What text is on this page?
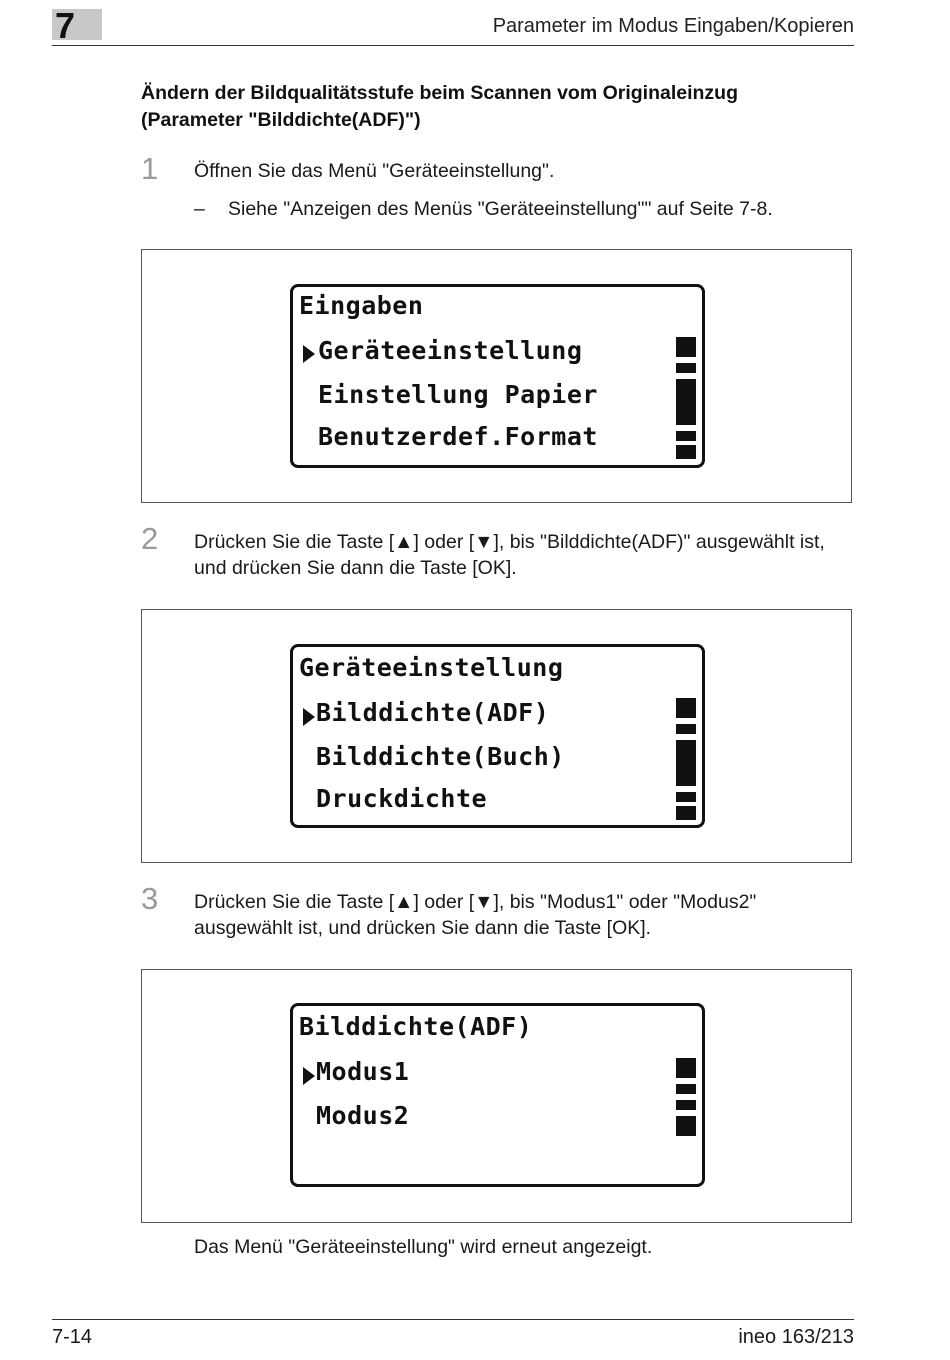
7	Parameter im Modus Eingaben/Kopieren
Ändern der Bildqualitätsstufe beim Scannen vom Originaleinzug (Parameter "Bilddichte(ADF)")
1 Öffnen Sie das Menü "Geräteeinstellung".
– Siehe "Anzeigen des Menüs "Geräteeinstellung"" auf Seite 7-8.
Eingaben
Geräteeinstellung
Einstellung Papier
Benutzerdef.Format
2 Drücken Sie die Taste [▲] oder [▼], bis "Bilddichte(ADF)" ausgewählt ist, und drücken Sie dann die Taste [OK].
Geräteeinstellung
Bilddichte(ADF)
Bilddichte(Buch)
Druckdichte
3 Drücken Sie die Taste [▲] oder [▼], bis "Modus1" oder "Modus2" ausgewählt ist, und drücken Sie dann die Taste [OK].
Bilddichte(ADF)
Modus1
Modus2
Das Menü "Geräteeinstellung" wird erneut angezeigt.
7-14	ineo 163/213
